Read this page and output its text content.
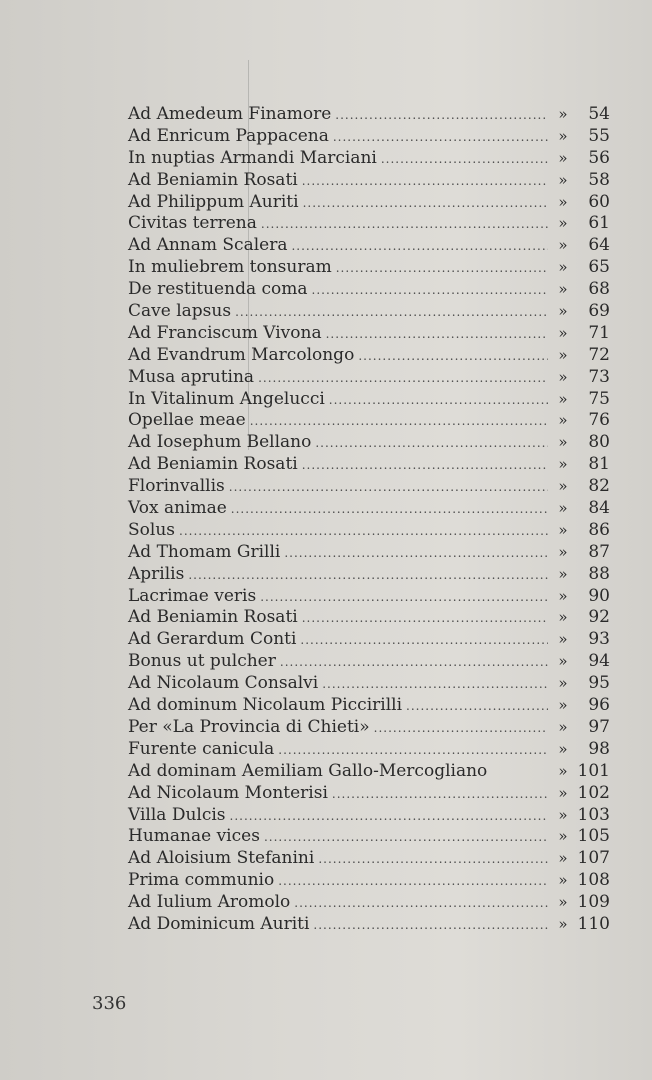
Ad Amedeum Finamore .....	»	54
Ad Enricum Pappacena .....	»	55
In nuptias Armandi Marciani .....	»	56
Ad Beniamin Rosati .....	»	58
Ad Philippum Auriti .....	»	60
Civitas terrena .....	»	61
Ad Annam Scalera .....	»	64
In muliebrem tonsuram .....	»	65
De restituenda coma .....	»	68
Cave lapsus .....	»	69
Ad Franciscum Vivona .....	»	71
Ad Evandrum Marcolongo .....	»	72
Musa aprutina .....	»	73
In Vitalinum Angelucci .....	»	75
Opellae meae .....	»	76
Ad Iosephum Bellano .....	»	80
Ad Beniamin Rosati .....	»	81
Florinvallis .....	»	82
Vox animae .....	»	84
Solus .....	»	86
Ad Thomam Grilli .....	»	87
Aprilis .....	»	88
Lacrimae veris .....	»	90
Ad Beniamin Rosati .....	»	92
Ad Gerardum Conti .....	»	93
Bonus ut pulcher .....	»	94
Ad Nicolaum Consalvi .....	»	95
Ad dominum Nicolaum Piccirilli .....	»	96
Per «La Provincia di Chieti» .....	»	97
Furente canicula .....	»	98
Ad dominam Aemiliam Gallo-Mercogliano	» 101
Ad Nicolaum Monterisi .....	» 102
Villa Dulcis .....	» 103
Humanae vices .....	» 105
Ad Aloisium Stefanini .....	» 107
Prima communio .....	» 108
Ad Iulium Aromolo .....	» 109
Ad Dominicum Auriti .....	» 110
336
